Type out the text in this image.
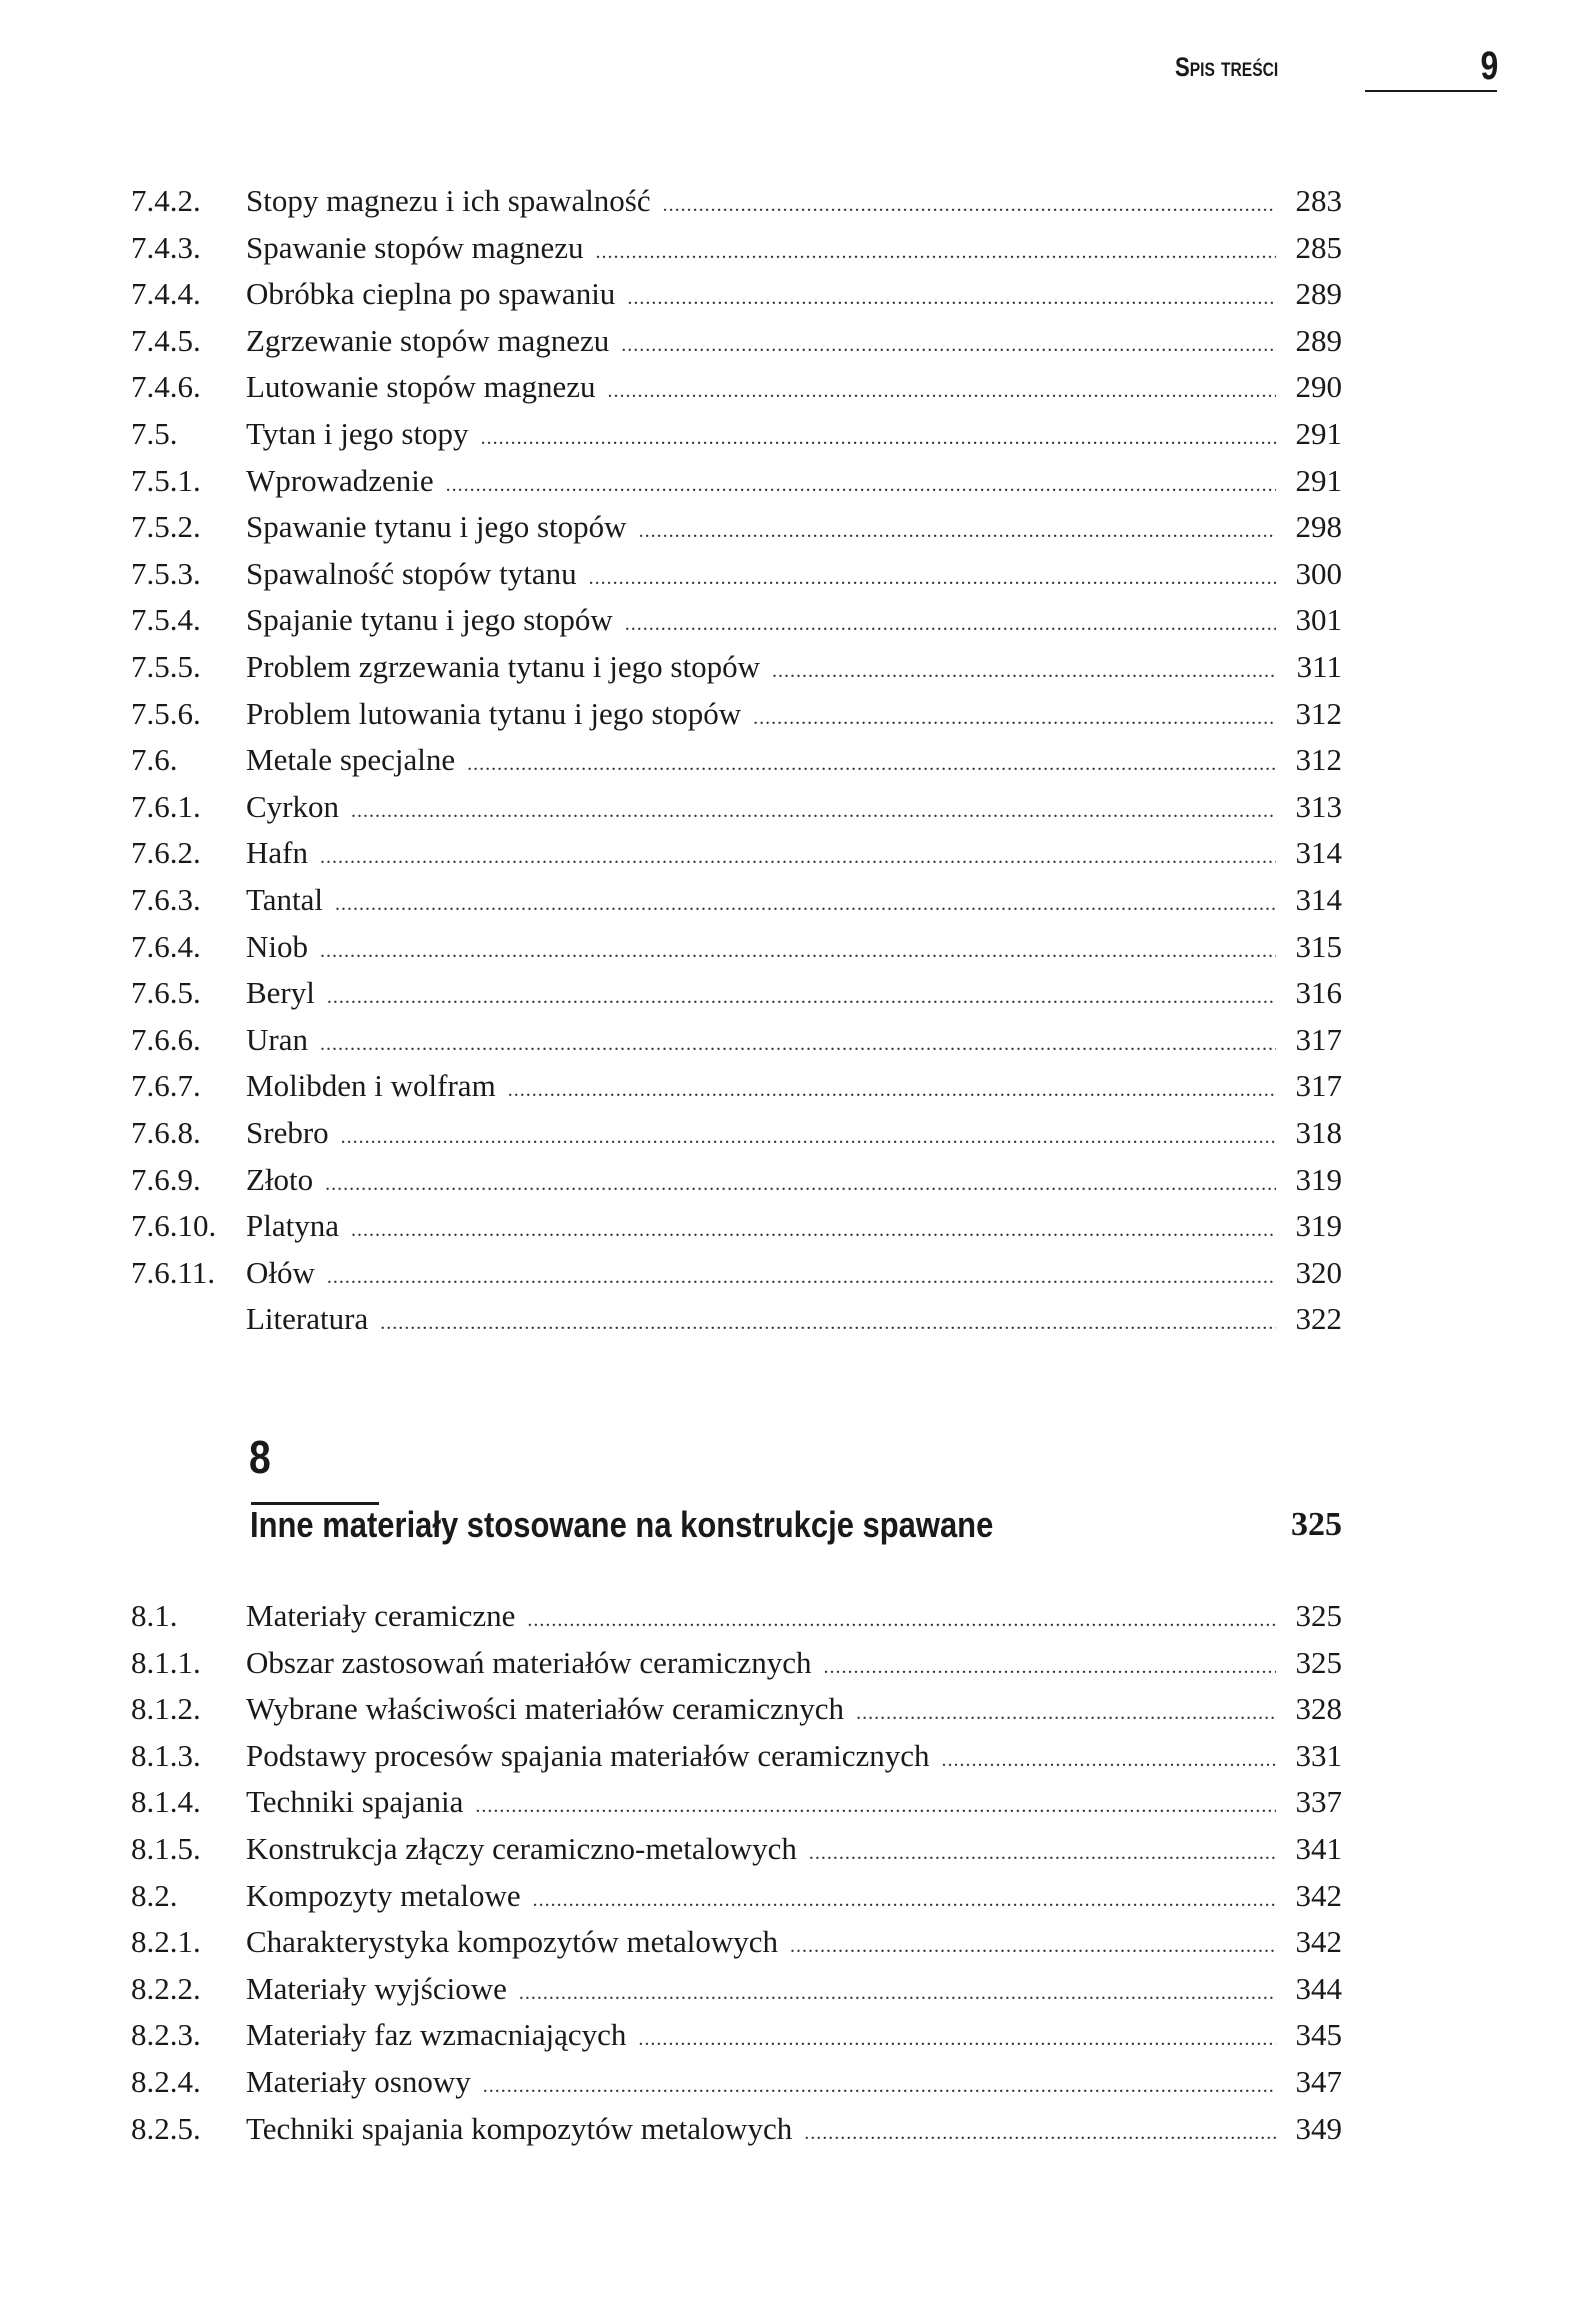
Spis treści	9
7.4.2. Stopy magnezu i ich spawalność .....	283
7.4.3. Spawanie stopów magnezu .....	285
7.4.4. Obróbka cieplna po spawaniu .....	289
7.4.5. Zgrzewanie stopów magnezu .....	289
7.4.6. Lutowanie stopów magnezu .....	290
7.5. Tytan i jego stopy .....	291
7.5.1. Wprowadzenie .....	291
7.5.2. Spawanie tytanu i jego stopów .....	298
7.5.3. Spawalność stopów tytanu .....	300
7.5.4. Spajanie tytanu i jego stopów .....	301
7.5.5. Problem zgrzewania tytanu i jego stopów .....	311
7.5.6. Problem lutowania tytanu i jego stopów .....	312
7.6. Metale specjalne .....	312
7.6.1. Cyrkon .....	313
7.6.2. Hafn .....	314
7.6.3. Tantal .....	314
7.6.4. Niob .....	315
7.6.5. Beryl .....	316
7.6.6. Uran .....	317
7.6.7. Molibden i wolfram .....	317
7.6.8. Srebro .....	318
7.6.9. Złoto .....	319
7.6.10. Platyna .....	319
7.6.11. Ołów .....	320
Literatura .....	322
8
Inne materiały stosowane na konstrukcje spawane	325
8.1. Materiały ceramiczne .....	325
8.1.1. Obszar zastosowań materiałów ceramicznych .....	325
8.1.2. Wybrane właściwości materiałów ceramicznych .....	328
8.1.3. Podstawy procesów spajania materiałów ceramicznych .....	331
8.1.4. Techniki spajania .....	337
8.1.5. Konstrukcja złączy ceramiczno-metalowych .....	341
8.2. Kompozyty metalowe .....	342
8.2.1. Charakterystyka kompozytów metalowych .....	342
8.2.2. Materiały wyjściowe .....	344
8.2.3. Materiały faz wzmacniających .....	345
8.2.4. Materiały osnowy .....	347
8.2.5. Techniki spajania kompozytów metalowych .....	349
